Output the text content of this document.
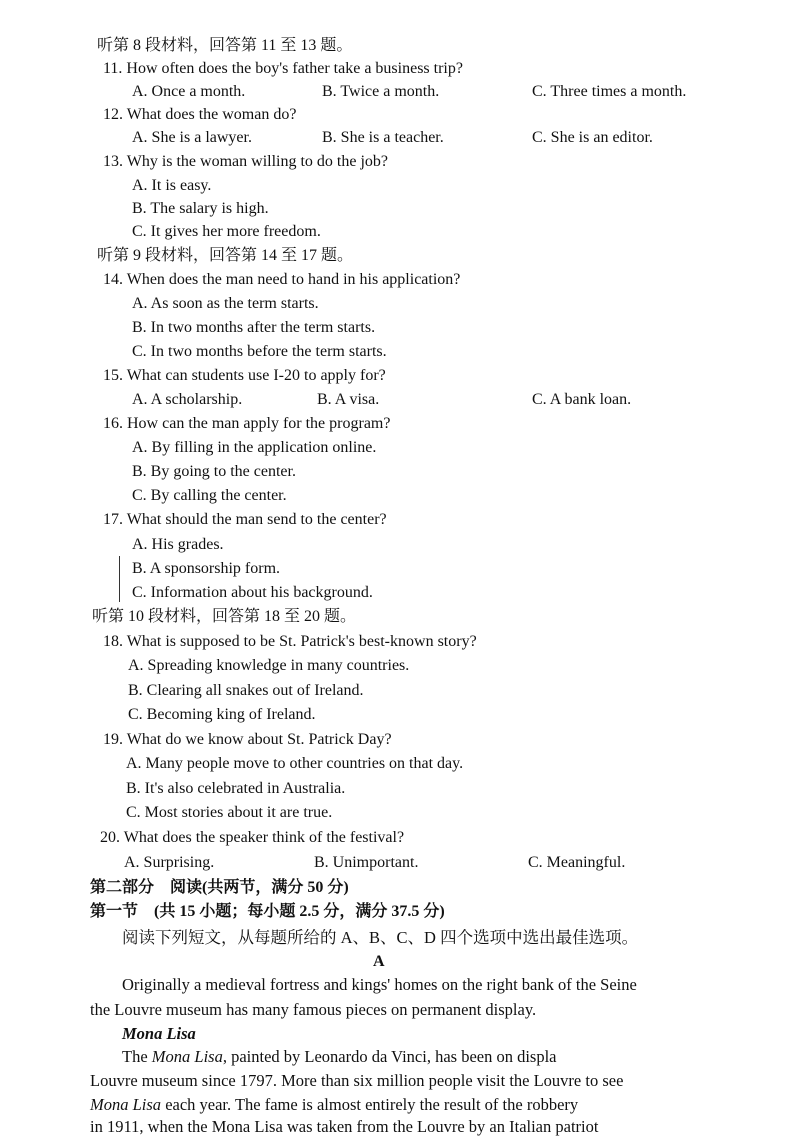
听第 8 段材料，回答第 11 至 13 题。
11. How often does the boy's father take a business trip?
A. Once a month.	B. Twice a month.	C. Three times a month.
12. What does the woman do?
A. She is a lawyer.	B. She is a teacher.	C. She is an editor.
13. Why is the woman willing to do the job?
A. It is easy.
B. The salary is high.
C. It gives her more freedom.
听第 9 段材料，回答第 14 至 17 题。
14. When does the man need to hand in his application?
A. As soon as the term starts.
B. In two months after the term starts.
C. In two months before the term starts.
15. What can students use I-20 to apply for?
A. A scholarship.	B. A visa.	C. A bank loan.
16. How can the man apply for the program?
A. By filling in the application online.
B. By going to the center.
C. By calling the center.
17. What should the man send to the center?
A. His grades.
B. A sponsorship form.
C. Information about his background.
听第 10 段材料，回答第 18 至 20 题。
18. What is supposed to be St. Patrick's best-known story?
A. Spreading knowledge in many countries.
B. Clearing all snakes out of Ireland.
C. Becoming king of Ireland.
19. What do we know about St. Patrick Day?
A. Many people move to other countries on that day.
B. It's also celebrated in Australia.
C. Most stories about it are true.
20. What does the speaker think of the festival?
A. Surprising.	B. Unimportant.	C. Meaningful.
第二部分　阅读(共两节，满分 50 分)
第一节　(共 15 小题；每小题 2.5 分，满分 37.5 分)
阅读下列短文，从每题所给的 A、B、C、D 四个选项中选出最佳选项。
A
Originally a medieval fortress and kings' homes on the right bank of the Seine
the Louvre museum has many famous pieces on permanent display.
Mona Lisa
The Mona Lisa, painted by Leonardo da Vinci, has been on displa
Louvre museum since 1797. More than six million people visit the Louvre to see
Mona Lisa each year. The fame is almost entirely the result of the robbery
in 1911, when the Mona Lisa was taken from the Louvre by an Italian patriot
